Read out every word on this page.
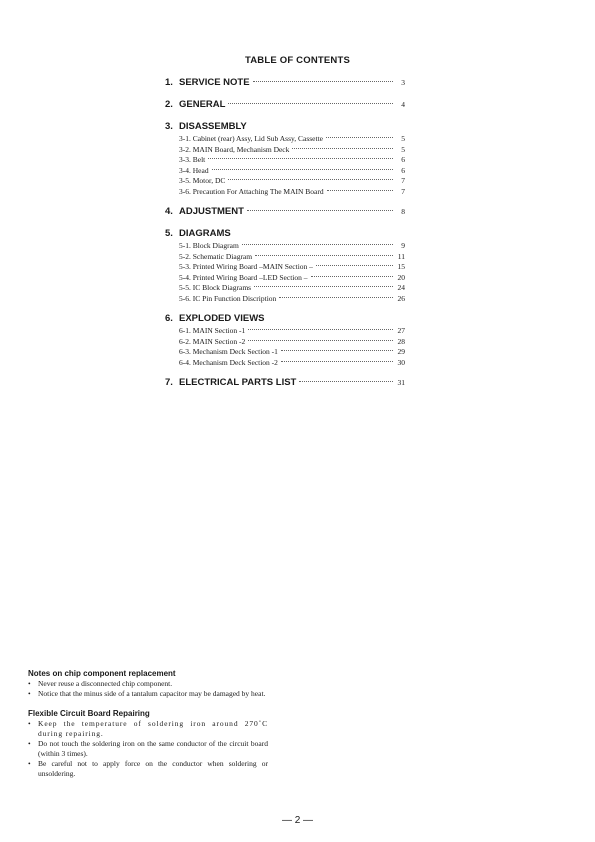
TABLE OF CONTENTS
1. SERVICE NOTE	3
2. GENERAL	4
3. DISASSEMBLY
3-1. Cabinet (rear) Assy, Lid Sub Assy, Cassette	5
3-2. MAIN Board, Mechanism Deck	5
3-3. Belt	6
3-4. Head	6
3-5. Motor, DC	7
3-6. Precaution For Attaching The MAIN Board	7
4. ADJUSTMENT	8
5. DIAGRAMS
5-1. Block Diagram	9
5-2. Schematic Diagram	11
5-3. Printed Wiring Board –MAIN Section –	15
5-4. Printed Wiring Board –LED Section –	20
5-5. IC Block Diagrams	24
5-6. IC Pin Function Discription	26
6. EXPLODED VIEWS
6-1. MAIN Section -1	27
6-2. MAIN Section -2	28
6-3. Mechanism Deck Section -1	29
6-4. Mechanism Deck Section -2	30
7. ELECTRICAL PARTS LIST	31
Notes on chip component replacement
• Never reuse a disconnected chip component.
• Notice that the minus side of a tantalum capacitor may be damaged by heat.
Flexible Circuit Board Repairing
• Keep the temperature of soldering iron around 270˚C during repairing.
• Do not touch the soldering iron on the same conductor of the circuit board (within 3 times).
• Be careful not to apply force on the conductor when soldering or unsoldering.
— 2 —
